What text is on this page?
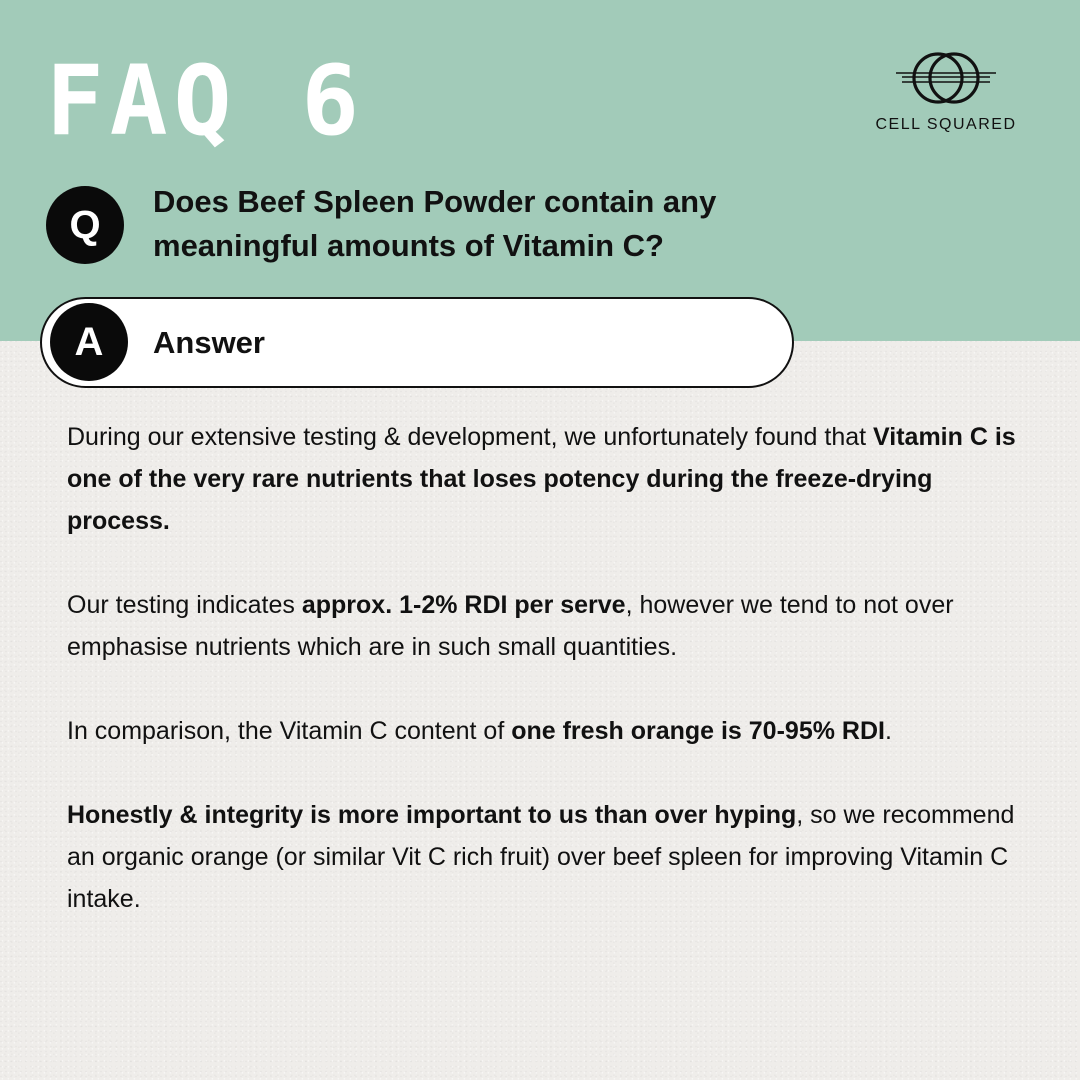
FAQ 6	CELL SQUARED
Q

Does Beef Spleen Powder contain any meaningful amounts of Vitamin C?

A	Answer

During our extensive testing & development, we unfortunately found that Vitamin C is one of the very rare nutrients that loses potency during the freeze-drying process.

Our testing indicates approx. 1-2% RDI per serve, however we tend to not over emphasise nutrients which are in such small quantities.

In comparison, the Vitamin C content of one fresh orange is 70-95% RDI.

Honestly & integrity is more important to us than over hyping, so we recommend an organic orange (or similar Vit C rich fruit) over beef spleen for improving Vitamin C intake.
